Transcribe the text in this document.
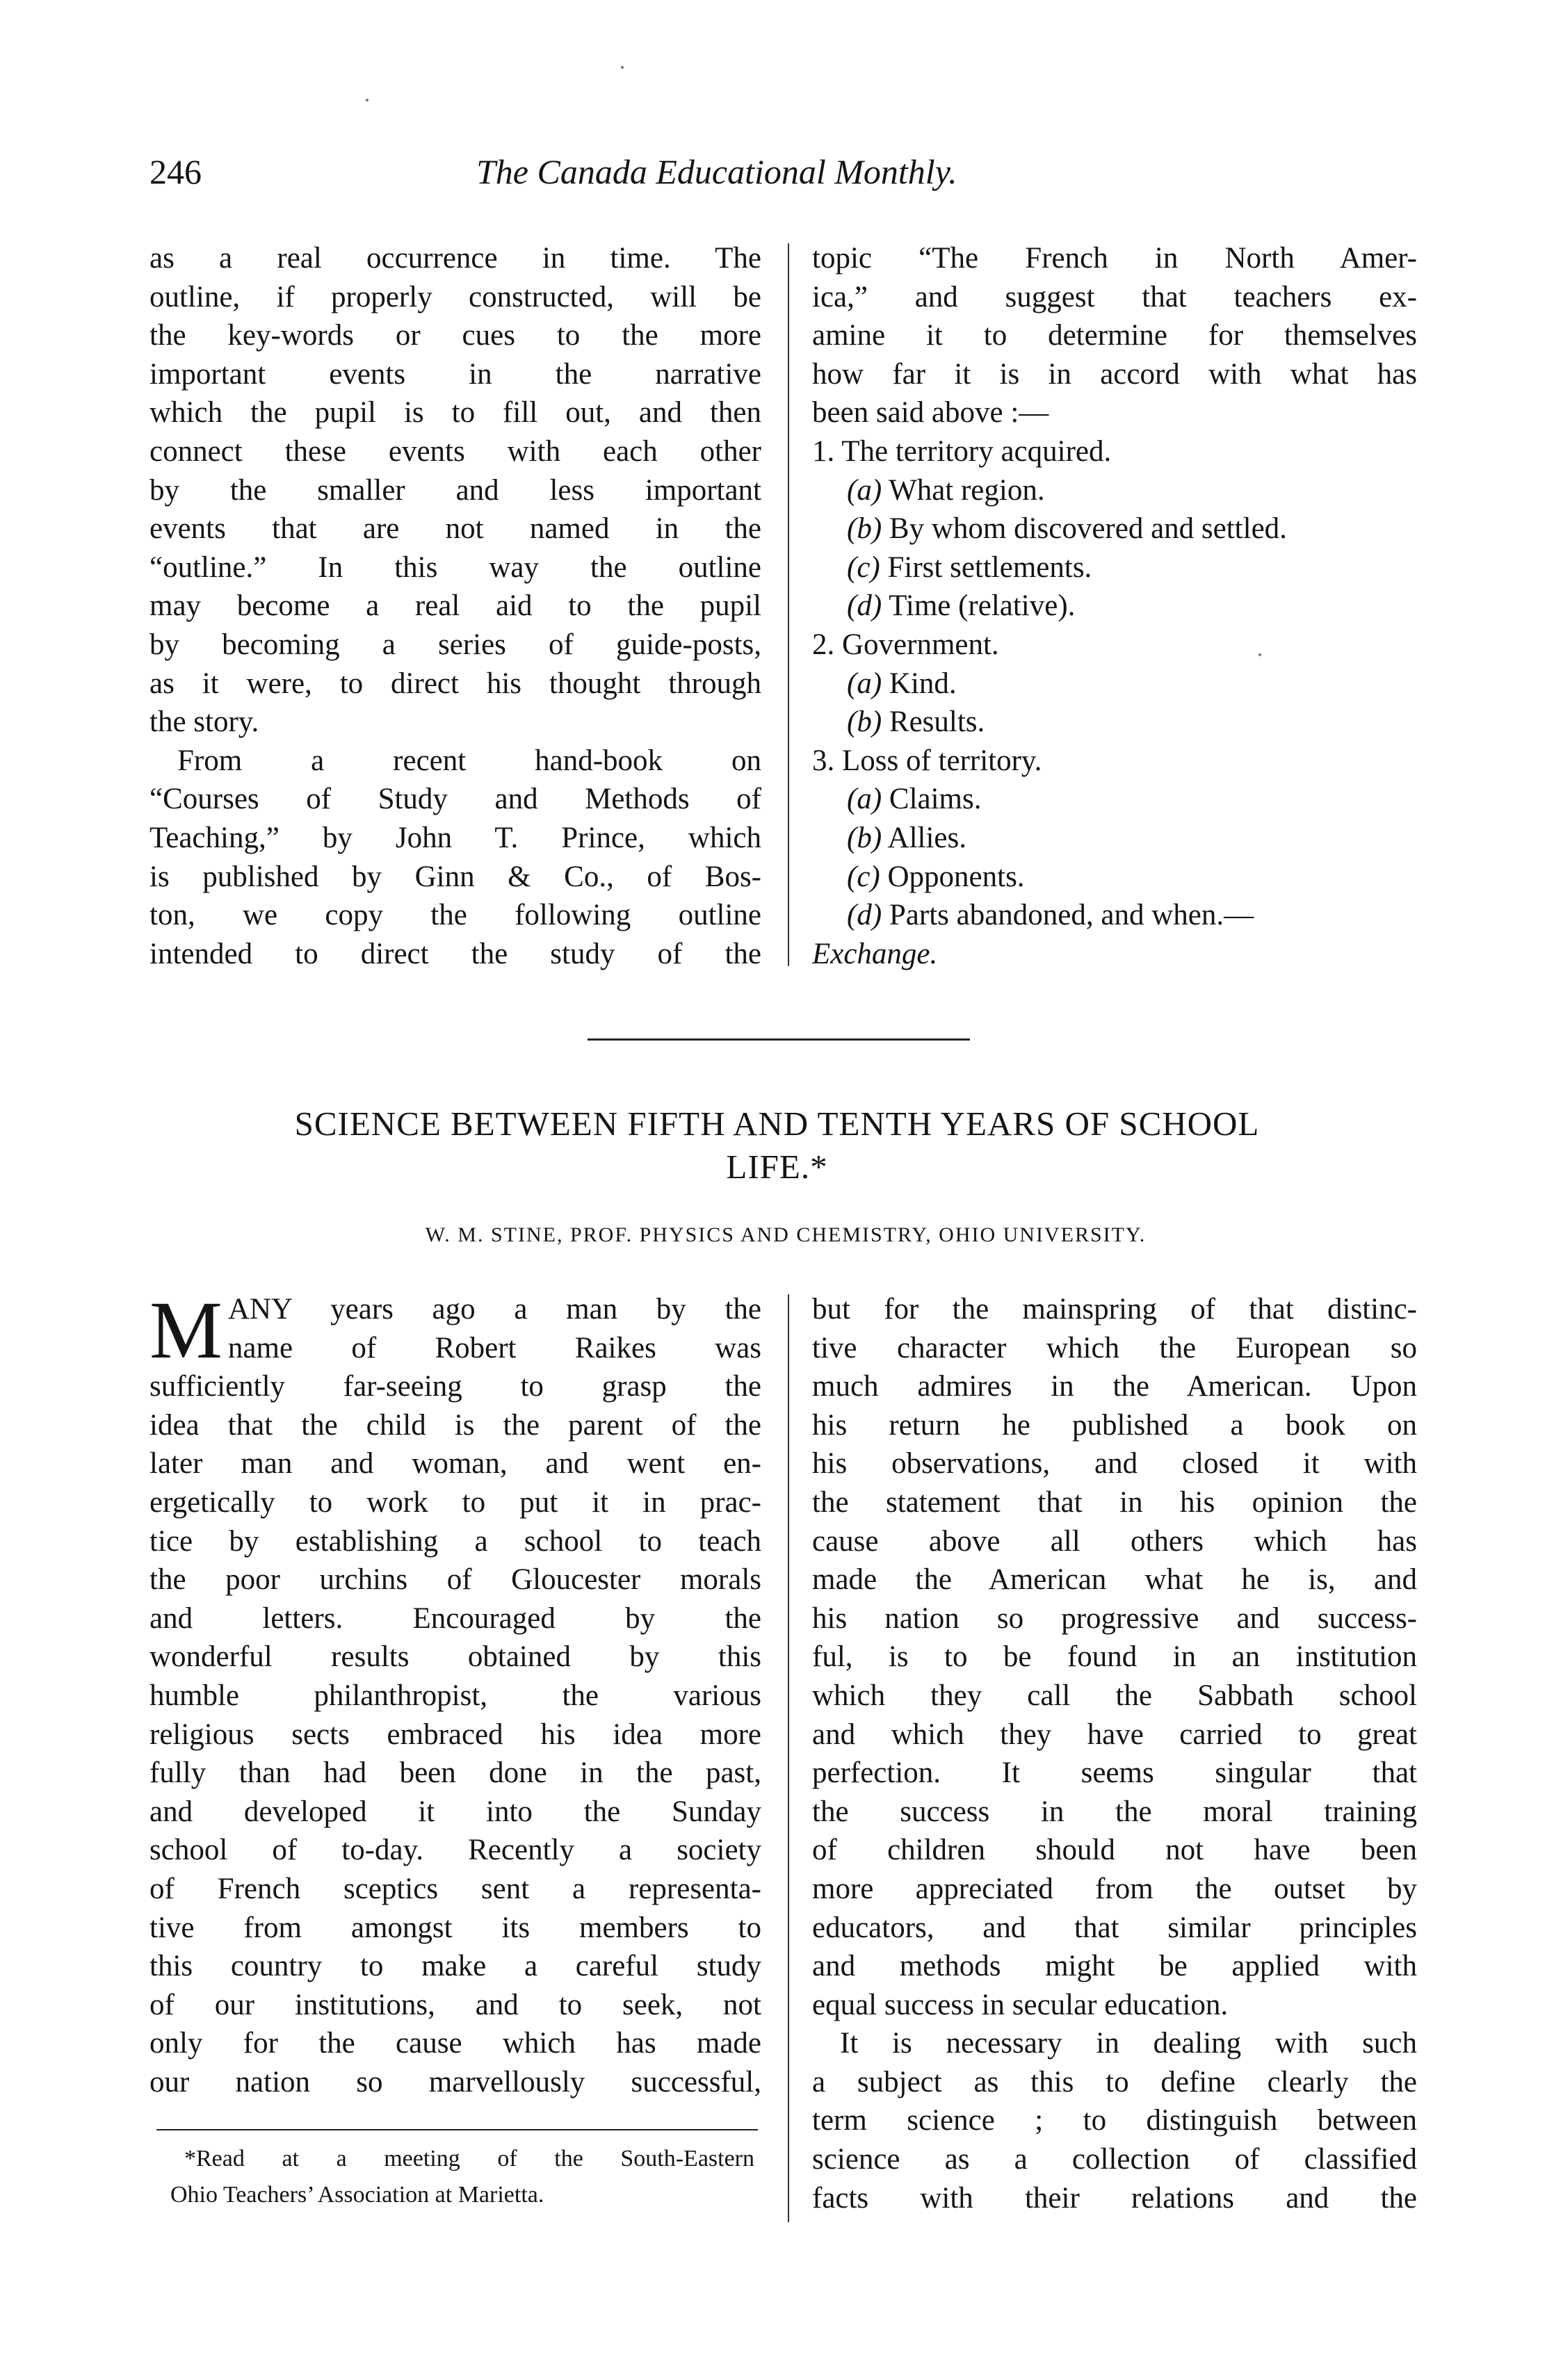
246	The Canada Educational Monthly.
as a real occurrence in time. The
outline, if properly constructed, will be
the key-words or cues to the more
important events in the narrative
which the pupil is to fill out, and then
connect these events with each other
by the smaller and less important
events that are not named in the
“outline.” In this way the outline
may become a real aid to the pupil
by becoming a series of guide-posts,
as it were, to direct his thought through
the story.
From a recent hand-book on
“Courses of Study and Methods of
Teaching,” by John T. Prince, which
is published by Ginn & Co., of Bos-
ton, we copy the following outline
intended to direct the study of the
topic “The French in North Amer-
ica,” and suggest that teachers ex-
amine it to determine for themselves
how far it is in accord with what has
been said above :—
1. The territory acquired.
(a) What region.
(b) By whom discovered and settled.
(c) First settlements.
(d) Time (relative).
2. Government.
(a) Kind.
(b) Results.
3. Loss of territory.
(a) Claims.
(b) Allies.
(c) Opponents.
(d) Parts abandoned, and when.—
Exchange.
SCIENCE BETWEEN FIFTH AND TENTH YEARS OF SCHOOL
LIFE.*
W. M. STINE, PROF. PHYSICS AND CHEMISTRY, OHIO UNIVERSITY.
M ANY years ago a man by the
name of Robert Raikes was
sufficiently far-seeing to grasp the
idea that the child is the parent of the
later man and woman, and went en-
ergetically to work to put it in prac-
tice by establishing a school to teach
the poor urchins of Gloucester morals
and letters. Encouraged by the
wonderful results obtained by this
humble philanthropist, the various
religious sects embraced his idea more
fully than had been done in the past,
and developed it into the Sunday
school of to-day. Recently a society
of French sceptics sent a representa-
tive from amongst its members to
this country to make a careful study
of our institutions, and to seek, not
only for the cause which has made
our nation so marvellously successful,
but for the mainspring of that distinc-
tive character which the European so
much admires in the American. Upon
his return he published a book on
his observations, and closed it with
the statement that in his opinion the
cause above all others which has
made the American what he is, and
his nation so progressive and success-
ful, is to be found in an institution
which they call the Sabbath school
and which they have carried to great
perfection. It seems singular that
the success in the moral training
of children should not have been
more appreciated from the outset by
educators, and that similar principles
and methods might be applied with
equal success in secular education.
It is necessary in dealing with such
a subject as this to define clearly the
term science ; to distinguish between
science as a collection of classified
facts with their relations and the
*Read at a meeting of the South-Eastern
Ohio Teachers’ Association at Marietta.
